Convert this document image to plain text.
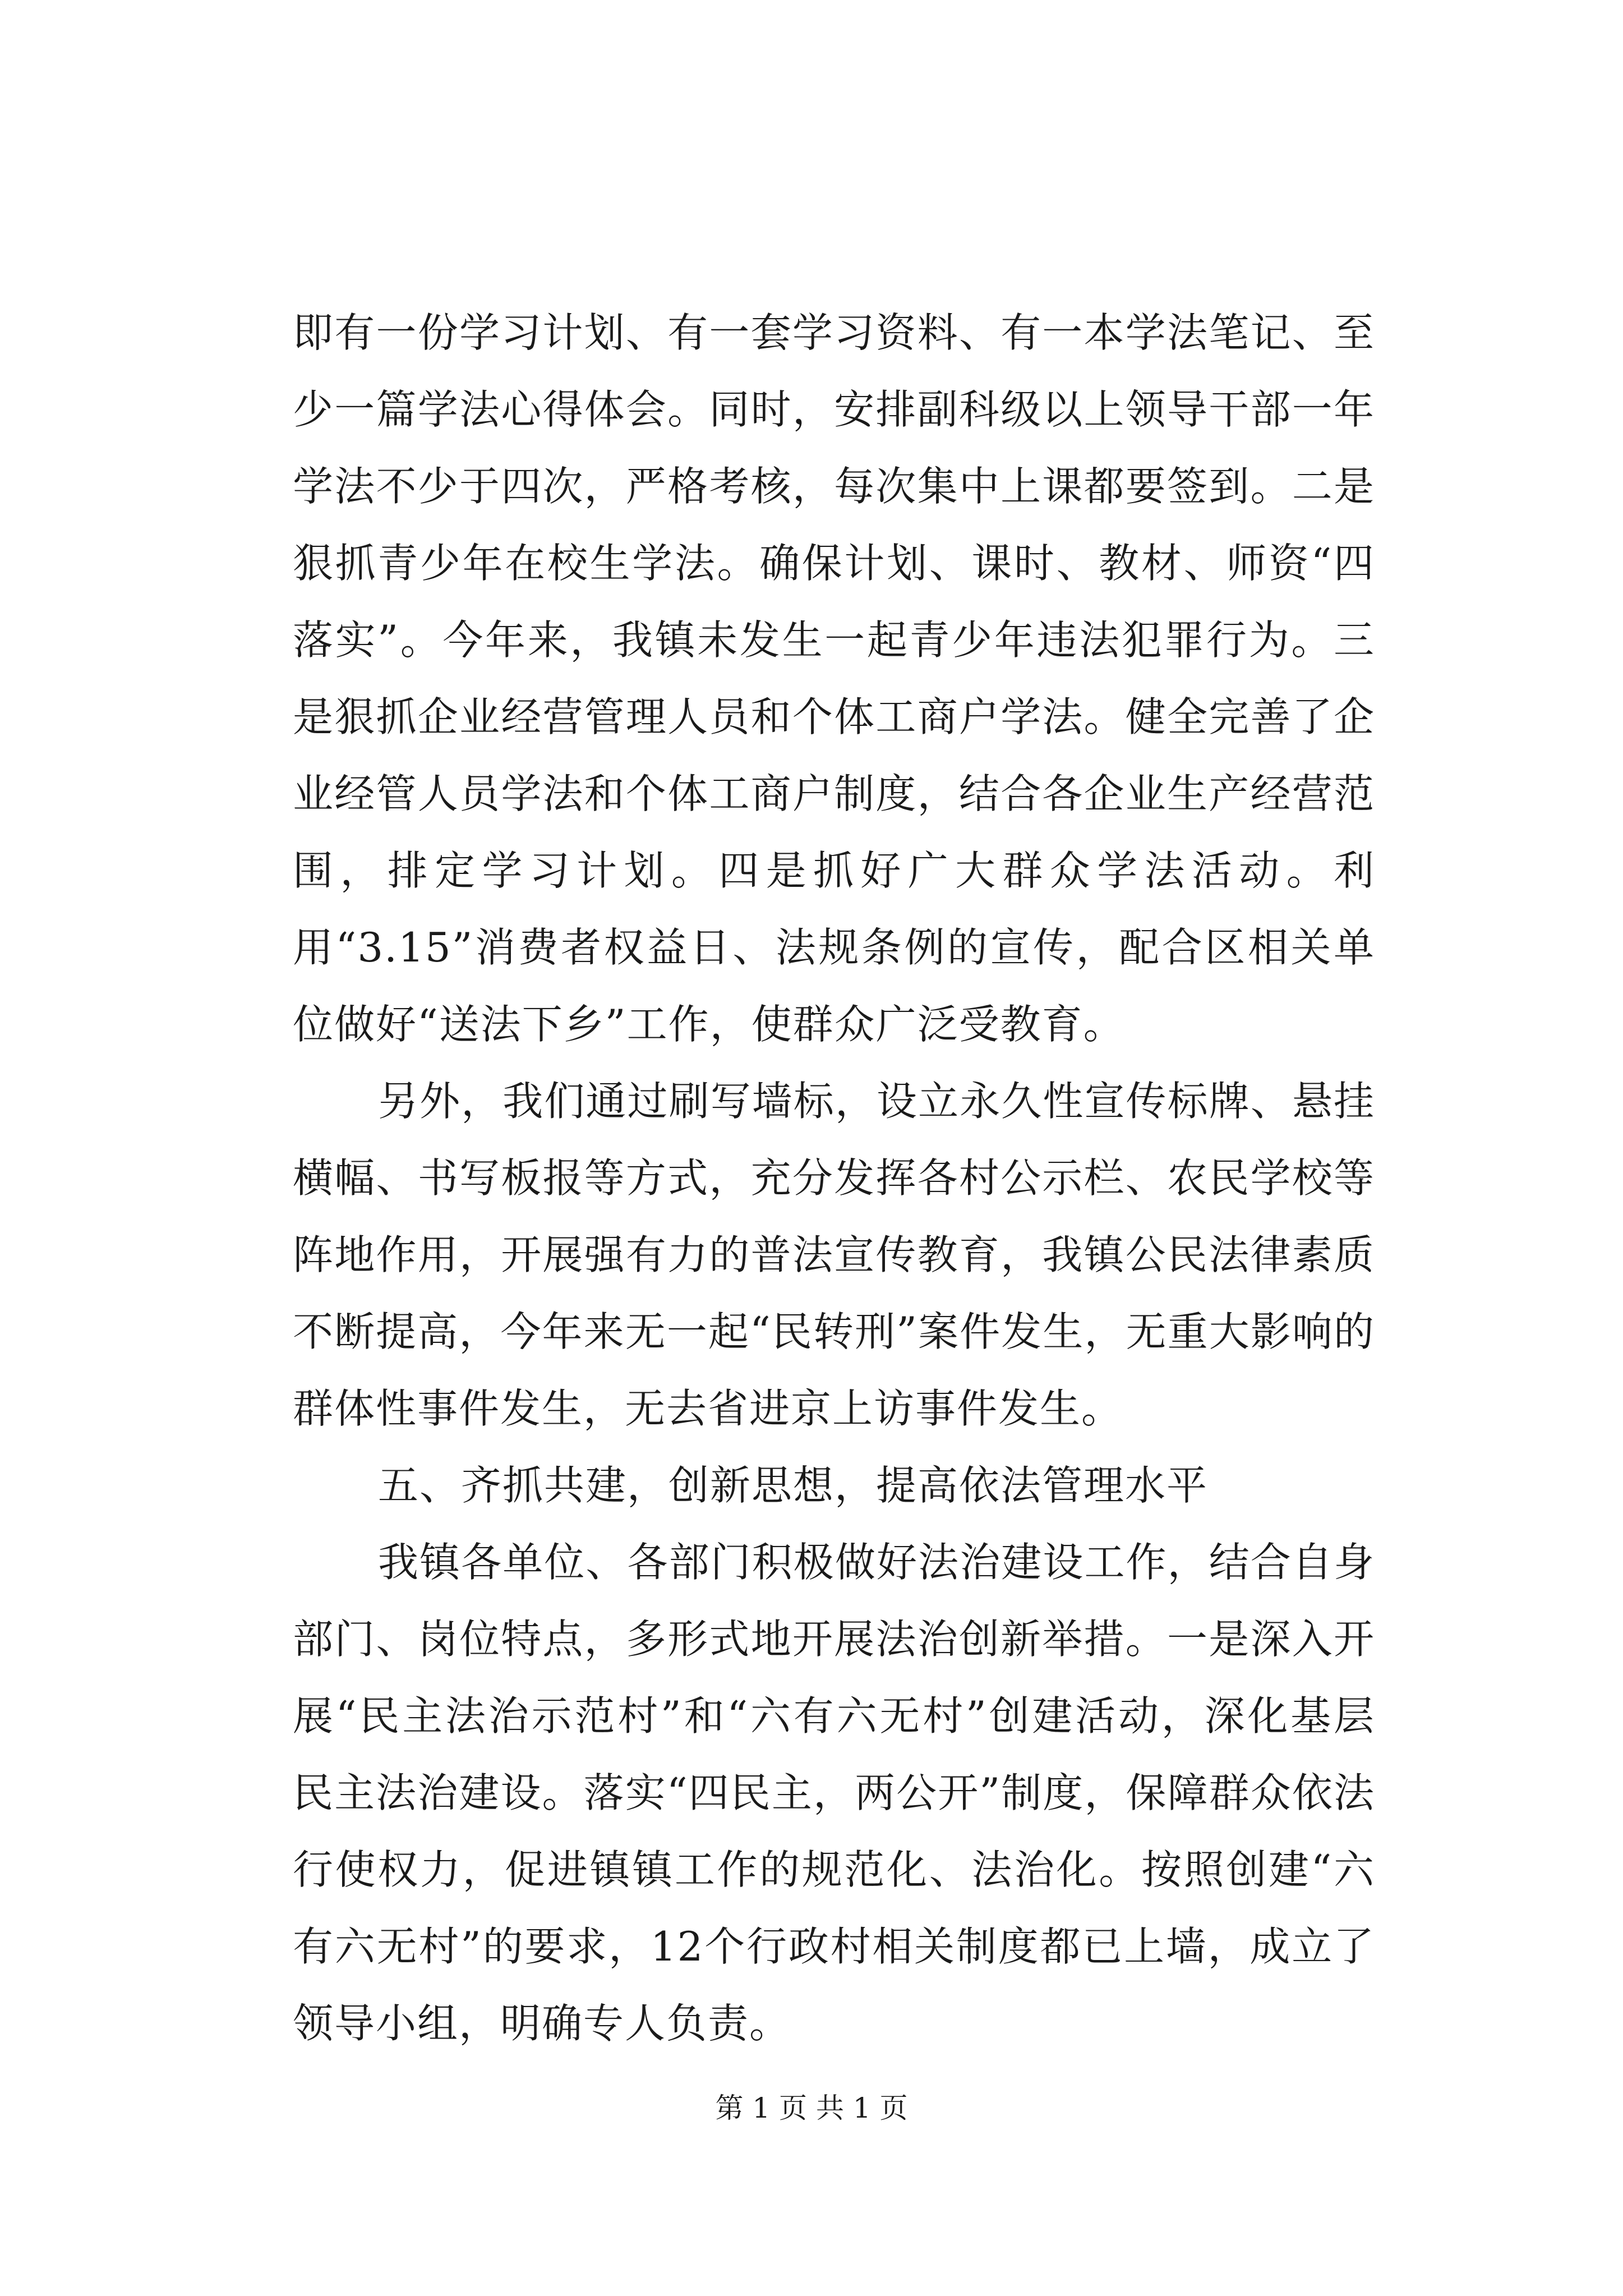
即有一份学习计划、有一套学习资料、有一本学法笔记、至少一篇学法心得体会。同时，安排副科级以上领导干部一年学法不少于四次，严格考核，每次集中上课都要签到。二是狠抓青少年在校生学法。确保计划、课时、教材、师资“四落实”。今年来，我镇未发生一起青少年违法犯罪行为。三是狠抓企业经营管理人员和个体工商户学法。健全完善了企业经管人员学法和个体工商户制度，结合各企业生产经营范围，排定学习计划。四是抓好广大群众学法活动。利用“3.15”消费者权益日、法规条例的宣传，配合区相关单位做好“送法下乡”工作，使群众广泛受教育。

另外，我们通过刷写墙标，设立永久性宣传标牌、悬挂横幅、书写板报等方式，充分发挥各村公示栏、农民学校等阵地作用，开展强有力的普法宣传教育，我镇公民法律素质不断提高，今年来无一起“民转刑”案件发生，无重大影响的群体性事件发生，无去省进京上访事件发生。

五、齐抓共建，创新思想，提高依法管理水平

我镇各单位、各部门积极做好法治建设工作，结合自身部门、岗位特点，多形式地开展法治创新举措。一是深入开展“民主法治示范村”和“六有六无村”创建活动，深化基层民主法治建设。落实“四民主，两公开”制度，保障群众依法行使权力，促进镇镇工作的规范化、法治化。按照创建“六有六无村”的要求，12个行政村相关制度都已上墙，成立了领导小组，明确专人负责。

第 1 页 共 1 页
